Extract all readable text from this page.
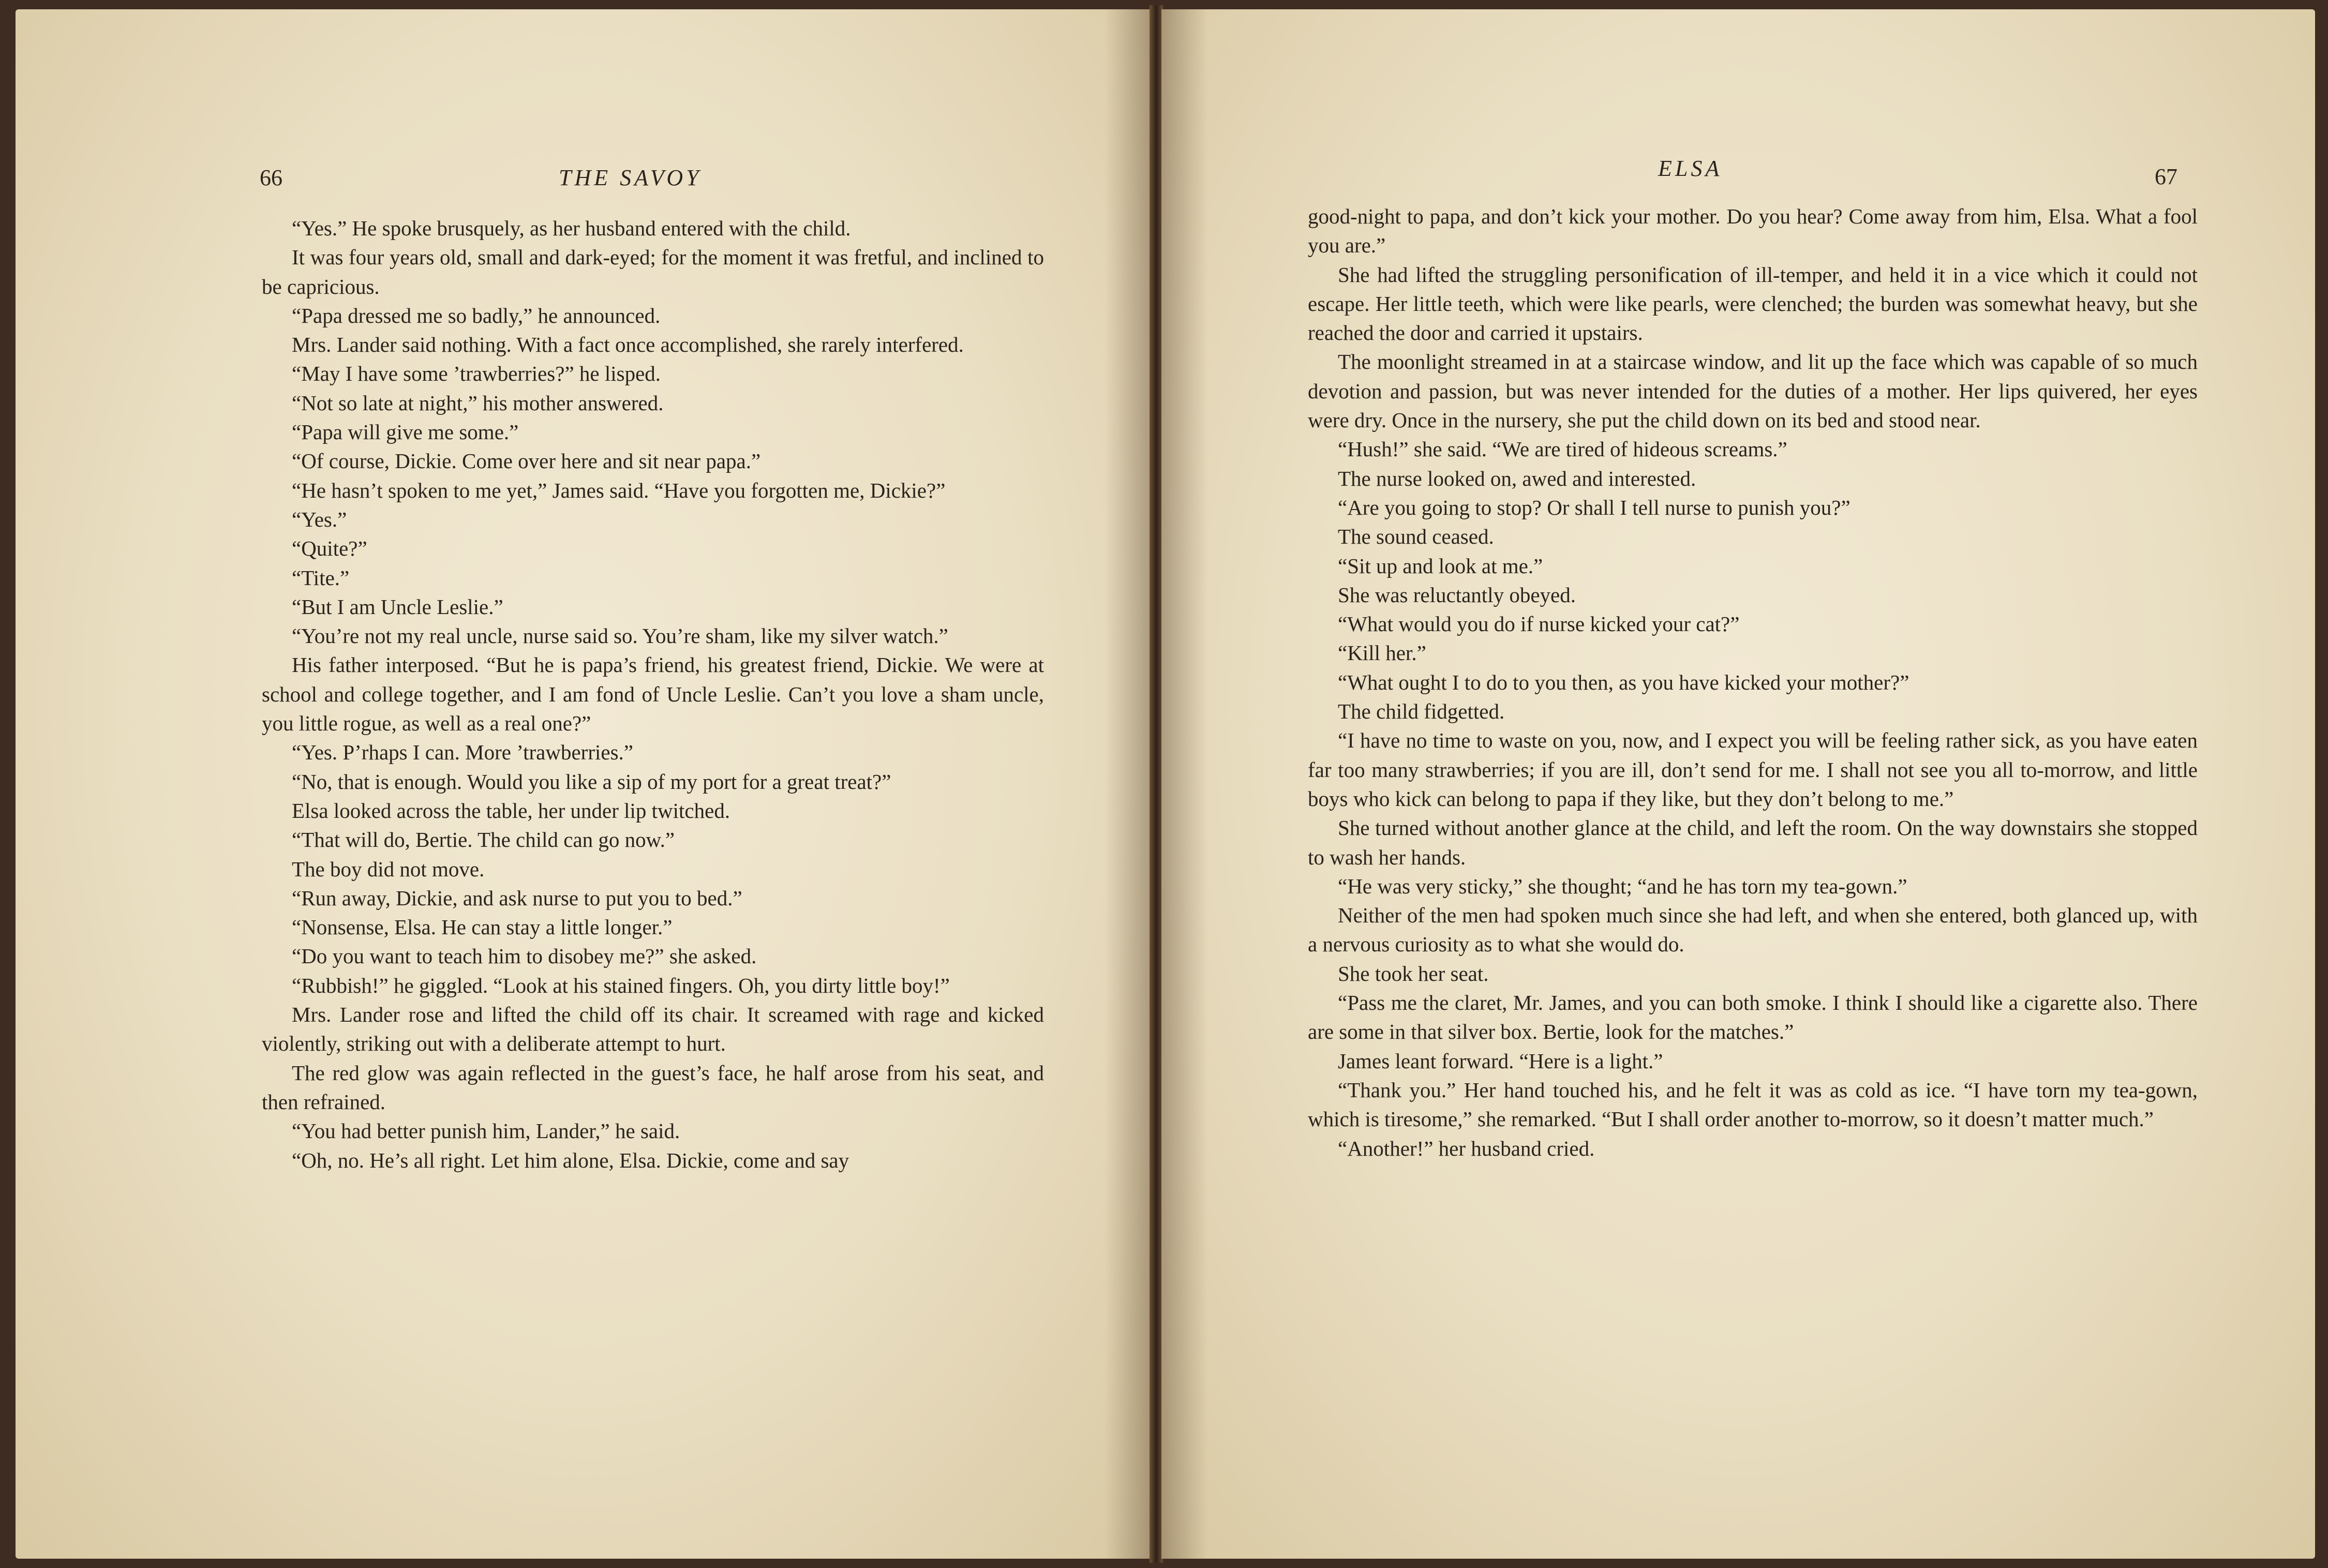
66	THE SAVOY

“Yes.” He spoke brusquely, as her husband entered with the child.

It was four years old, small and dark-eyed; for the moment it was fretful, and inclined to be capricious.

“Papa dressed me so badly,” he announced.

Mrs. Lander said nothing. With a fact once accomplished, she rarely interfered.

“May I have some ’trawberries?” he lisped.

“Not so late at night,” his mother answered.

“Papa will give me some.”

“Of course, Dickie. Come over here and sit near papa.”

“He hasn’t spoken to me yet,” James said. “Have you forgotten me, Dickie?”

“Yes.”

“Quite?”

“Tite.”

“But I am Uncle Leslie.”

“You’re not my real uncle, nurse said so. You’re sham, like my silver watch.”

His father interposed. “But he is papa’s friend, his greatest friend, Dickie. We were at school and college together, and I am fond of Uncle Leslie. Can’t you love a sham uncle, you little rogue, as well as a real one?”

“Yes. P’rhaps I can. More ’trawberries.”

“No, that is enough. Would you like a sip of my port for a great treat?”

Elsa looked across the table, her under lip twitched.

“That will do, Bertie. The child can go now.”

The boy did not move.

“Run away, Dickie, and ask nurse to put you to bed.”

“Nonsense, Elsa. He can stay a little longer.”

“Do you want to teach him to disobey me?” she asked.

“Rubbish!” he giggled. “Look at his stained fingers. Oh, you dirty little boy!”

Mrs. Lander rose and lifted the child off its chair. It screamed with rage and kicked violently, striking out with a deliberate attempt to hurt.

The red glow was again reflected in the guest’s face, he half arose from his seat, and then refrained.

“You had better punish him, Lander,” he said.

“Oh, no. He’s all right. Let him alone, Elsa. Dickie, come and say

ELSA	67

good-night to papa, and don’t kick your mother. Do you hear? Come away from him, Elsa. What a fool you are.”

She had lifted the struggling personification of ill-temper, and held it in a vice which it could not escape. Her little teeth, which were like pearls, were clenched; the burden was somewhat heavy, but she reached the door and carried it upstairs.

The moonlight streamed in at a staircase window, and lit up the face which was capable of so much devotion and passion, but was never intended for the duties of a mother. Her lips quivered, her eyes were dry. Once in the nursery, she put the child down on its bed and stood near.

“Hush!” she said. “We are tired of hideous screams.”

The nurse looked on, awed and interested.

“Are you going to stop? Or shall I tell nurse to punish you?”

The sound ceased.

“Sit up and look at me.”

She was reluctantly obeyed.

“What would you do if nurse kicked your cat?”

“Kill her.”

“What ought I to do to you then, as you have kicked your mother?”

The child fidgetted.

“I have no time to waste on you, now, and I expect you will be feeling rather sick, as you have eaten far too many strawberries; if you are ill, don’t send for me. I shall not see you all to-morrow, and little boys who kick can belong to papa if they like, but they don’t belong to me.”

She turned without another glance at the child, and left the room. On the way downstairs she stopped to wash her hands.

“He was very sticky,” she thought; “and he has torn my tea-gown.”

Neither of the men had spoken much since she had left, and when she entered, both glanced up, with a nervous curiosity as to what she would do.

She took her seat.

“Pass me the claret, Mr. James, and you can both smoke. I think I should like a cigarette also. There are some in that silver box. Bertie, look for the matches.”

James leant forward. “Here is a light.”

“Thank you.” Her hand touched his, and he felt it was as cold as ice. “I have torn my tea-gown, which is tiresome,” she remarked. “But I shall order another to-morrow, so it doesn’t matter much.”

“Another!” her husband cried.
